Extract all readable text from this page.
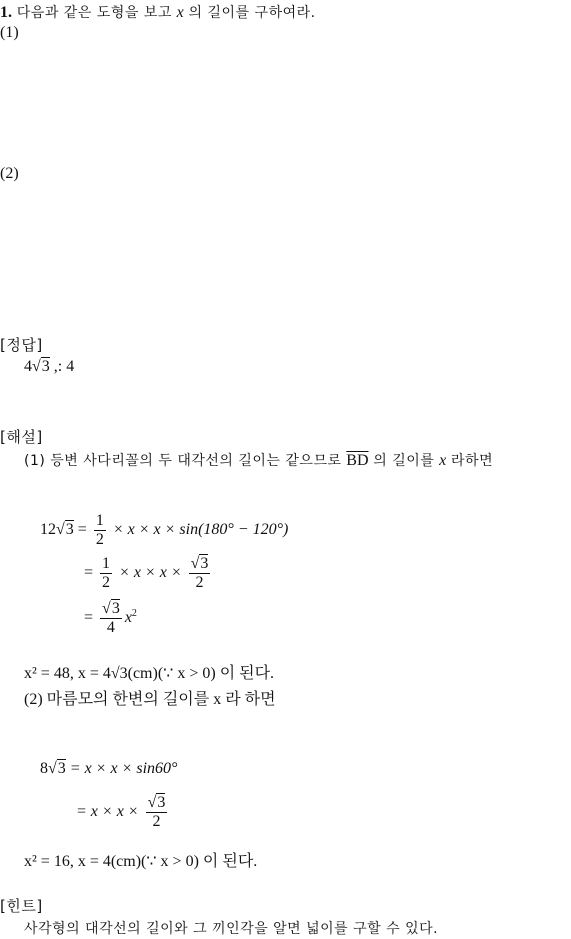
1. 다음과 같은 도형을 보고 x 의 길이를 구하여라.
(1)
(2)
[정답]
4√3 ,: 4
[해설]
(1) 등변 사다리꼴의 두 대각선의 길이는 같으므로 $\overline{BD}$ 의 길이를 x 라하면
$12√3 = \frac{1}{2} \times x \times x \times \sin(180^\circ - 120^\circ)$
= $\frac{1}{2} \times x \times x \times \frac{√3}{2}$
= $\frac{√3}{4} x^2$
x² = 48, x = 4√3(cm)(∵ x > 0) 이 된다.
(2) 마름모의 한변의 길이를 x 라 하면
8√3 = x × x × sin60°
= $x \times x \times \frac{√3}{2}$
x² = 16, x = 4(cm)(∵ x > 0) 이 된다.
[힌트]
사각형의 대각선의 길이와 그 끼인각을 알면 넓이를 구할 수 있다.
